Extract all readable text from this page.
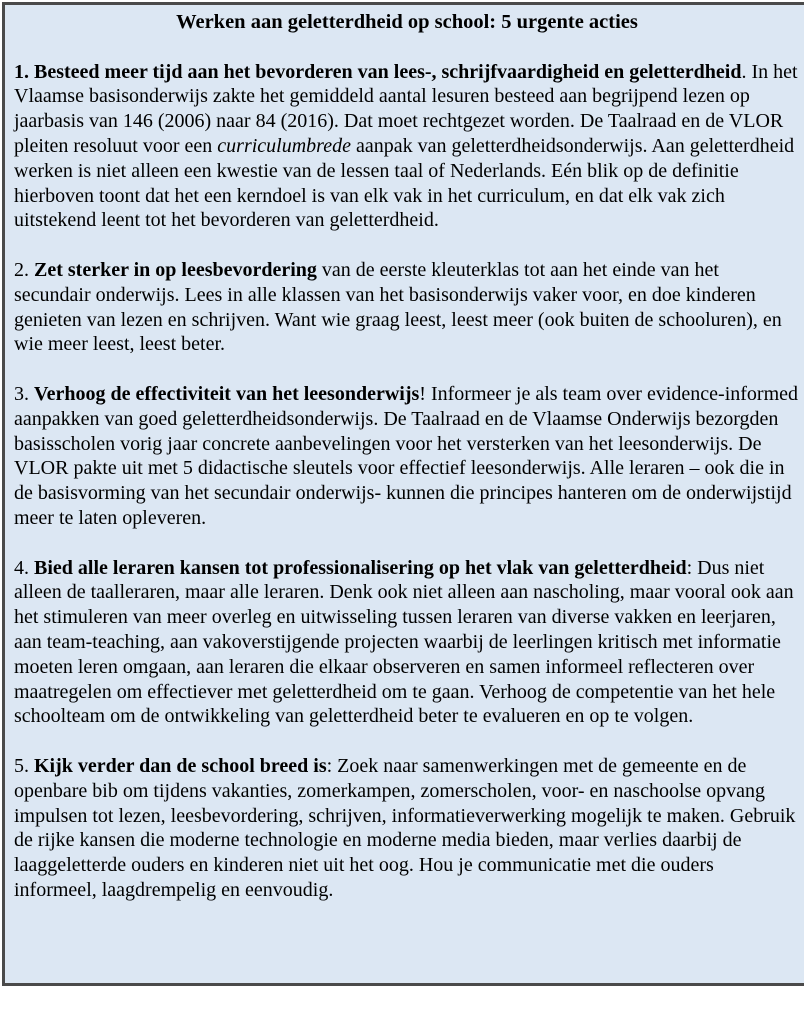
Werken aan geletterdheid op school: 5 urgente acties

1. Besteed meer tijd aan het bevorderen van lees-, schrijfvaardigheid en geletterdheid. In het Vlaamse basisonderwijs zakte het gemiddeld aantal lesuren besteed aan begrijpend lezen op jaarbasis van 146 (2006) naar 84 (2016). Dat moet rechtgezet worden. De Taalraad en de VLOR pleiten resoluut voor een curriculumbrede aanpak van geletterdheidsonderwijs. Aan geletterdheid werken is niet alleen een kwestie van de lessen taal of Nederlands. Eén blik op de definitie hierboven toont dat het een kerndoel is van elk vak in het curriculum, en dat elk vak zich uitstekend leent tot het bevorderen van geletterdheid.

2. Zet sterker in op leesbevordering van de eerste kleuterklas tot aan het einde van het secundair onderwijs. Lees in alle klassen van het basisonderwijs vaker voor, en doe kinderen genieten van lezen en schrijven. Want wie graag leest, leest meer (ook buiten de schooluren), en wie meer leest, leest beter.

3. Verhoog de effectiviteit van het leesonderwijs! Informeer je als team over evidence-informed aanpakken van goed geletterdheidsonderwijs. De Taalraad en de Vlaamse Onderwijs bezorgden basisscholen vorig jaar concrete aanbevelingen voor het versterken van het leesonderwijs. De VLOR pakte uit met 5 didactische sleutels voor effectief leesonderwijs. Alle leraren – ook die in de basisvorming van het secundair onderwijs- kunnen die principes hanteren om de onderwijstijd meer te laten opleveren.

4. Bied alle leraren kansen tot professionalisering op het vlak van geletterdheid: Dus niet alleen de taalleraren, maar alle leraren. Denk ook niet alleen aan nascholing, maar vooral ook aan het stimuleren van meer overleg en uitwisseling tussen leraren van diverse vakken en leerjaren, aan team-teaching, aan vakoverstijgende projecten waarbij de leerlingen kritisch met informatie moeten leren omgaan, aan leraren die elkaar observeren en samen informeel reflecteren over maatregelen om effectiever met geletterdheid om te gaan. Verhoog de competentie van het hele schoolteam om de ontwikkeling van geletterdheid beter te evalueren en op te volgen.

5. Kijk verder dan de school breed is: Zoek naar samenwerkingen met de gemeente en de openbare bib om tijdens vakanties, zomerkampen, zomerscholen, voor- en naschoolse opvang impulsen tot lezen, leesbevordering, schrijven, informatieverwerking mogelijk te maken. Gebruik de rijke kansen die moderne technologie en moderne media bieden, maar verlies daarbij de laaggeletterde ouders en kinderen niet uit het oog. Hou je communicatie met die ouders informeel, laagdrempelig en eenvoudig.
